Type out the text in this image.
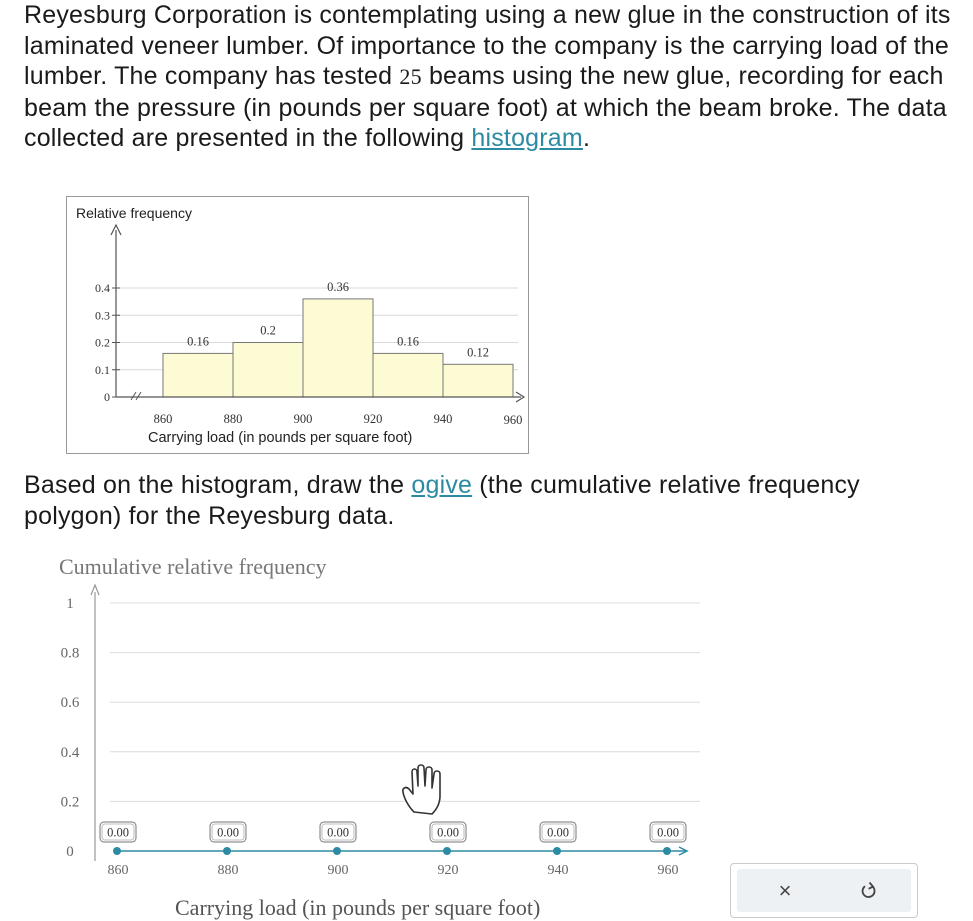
Reyesburg Corporation is contemplating using a new glue in the construction of its laminated veneer lumber. Of importance to the company is the carrying load of the lumber. The company has tested 25 beams using the new glue, recording for each beam the pressure (in pounds per square foot) at which the beam broke. The data collected are presented in the following histogram.
0
0.1
0.2
0.3
0.4
0.16
0.2
0.36
0.16
0.12
860	880	900	920	940	960
Relative frequency
Carrying load (in pounds per square foot)
Based on the histogram, draw the ogive (the cumulative relative frequency polygon) for the Reyesburg data.
0
0.2
0.4
0.6
0.8
1
0.00
860
0.00
880
0.00
900
0.00
920
0.00
940
0.00
960
Cumulative relative frequency
Carrying load (in pounds per square foot)
×
